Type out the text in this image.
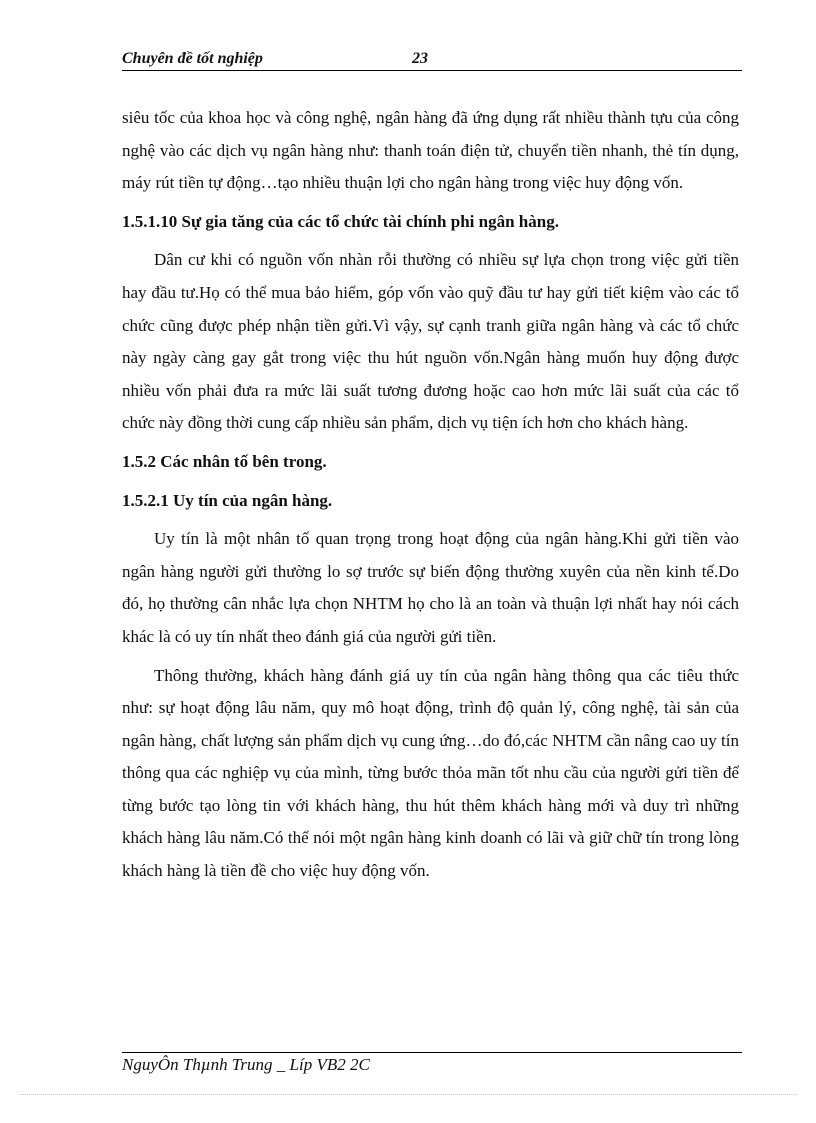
Chuyên đề tốt nghiệp	23

siêu tốc của khoa học và công nghệ, ngân hàng đã ứng dụng rất nhiều thành tựu của công nghệ vào các dịch vụ ngân hàng như: thanh toán điện tử, chuyển tiền nhanh, thẻ tín dụng, máy rút tiền tự động…tạo nhiều thuận lợi cho ngân hàng trong việc huy động vốn.

1.5.1.10 Sự gia tăng của các tổ chức tài chính phi ngân hàng.

Dân cư khi có nguồn vốn nhàn rỗi thường có nhiều sự lựa chọn trong việc gửi tiền hay đầu tư.Họ có thể mua bảo hiểm, góp vốn vào quỹ đầu tư hay gửi tiết kiệm vào các tổ chức cũng được phép nhận tiền gửi.Vì vậy, sự cạnh tranh giữa ngân hàng và các tổ chức này ngày càng gay gắt trong việc thu hút nguồn vốn.Ngân hàng muốn huy động được nhiều vốn phải đưa ra mức lãi suất tương đương hoặc cao hơn mức lãi suất của các tổ chức này đồng thời cung cấp nhiều sản phẩm, dịch vụ tiện ích hơn cho khách hàng.

1.5.2 Các nhân tố bên trong.
1.5.2.1 Uy tín của ngân hàng.

Uy tín là một nhân tố quan trọng trong hoạt động của ngân hàng.Khi gửi tiền vào ngân hàng người gửi thường lo sợ trước sự biến động thường xuyên của nền kinh tế.Do đó, họ thường cân nhắc lựa chọn NHTM họ cho là an toàn và thuận lợi nhất hay nói cách khác là có uy tín nhất theo đánh giá của người gửi tiền.

Thông thường, khách hàng đánh giá uy tín của ngân hàng thông qua các tiêu thức như: sự hoạt động lâu năm, quy mô hoạt động, trình độ quản lý, công nghệ, tài sản của ngân hàng, chất lượng sản phẩm dịch vụ cung ứng…do đó,các NHTM cần nâng cao uy tín thông qua các nghiệp vụ của mình, từng bước thỏa mãn tốt nhu cầu của người gửi tiền để từng bước tạo lòng tin với khách hàng, thu hút thêm khách hàng mới và duy trì những khách hàng lâu năm.Có thể nói một ngân hàng kinh doanh có lãi và giữ chữ tín trong lòng khách hàng là tiền đề cho việc huy động vốn.

NguyÔn Thµnh Trung _ Líp VB2 2C
